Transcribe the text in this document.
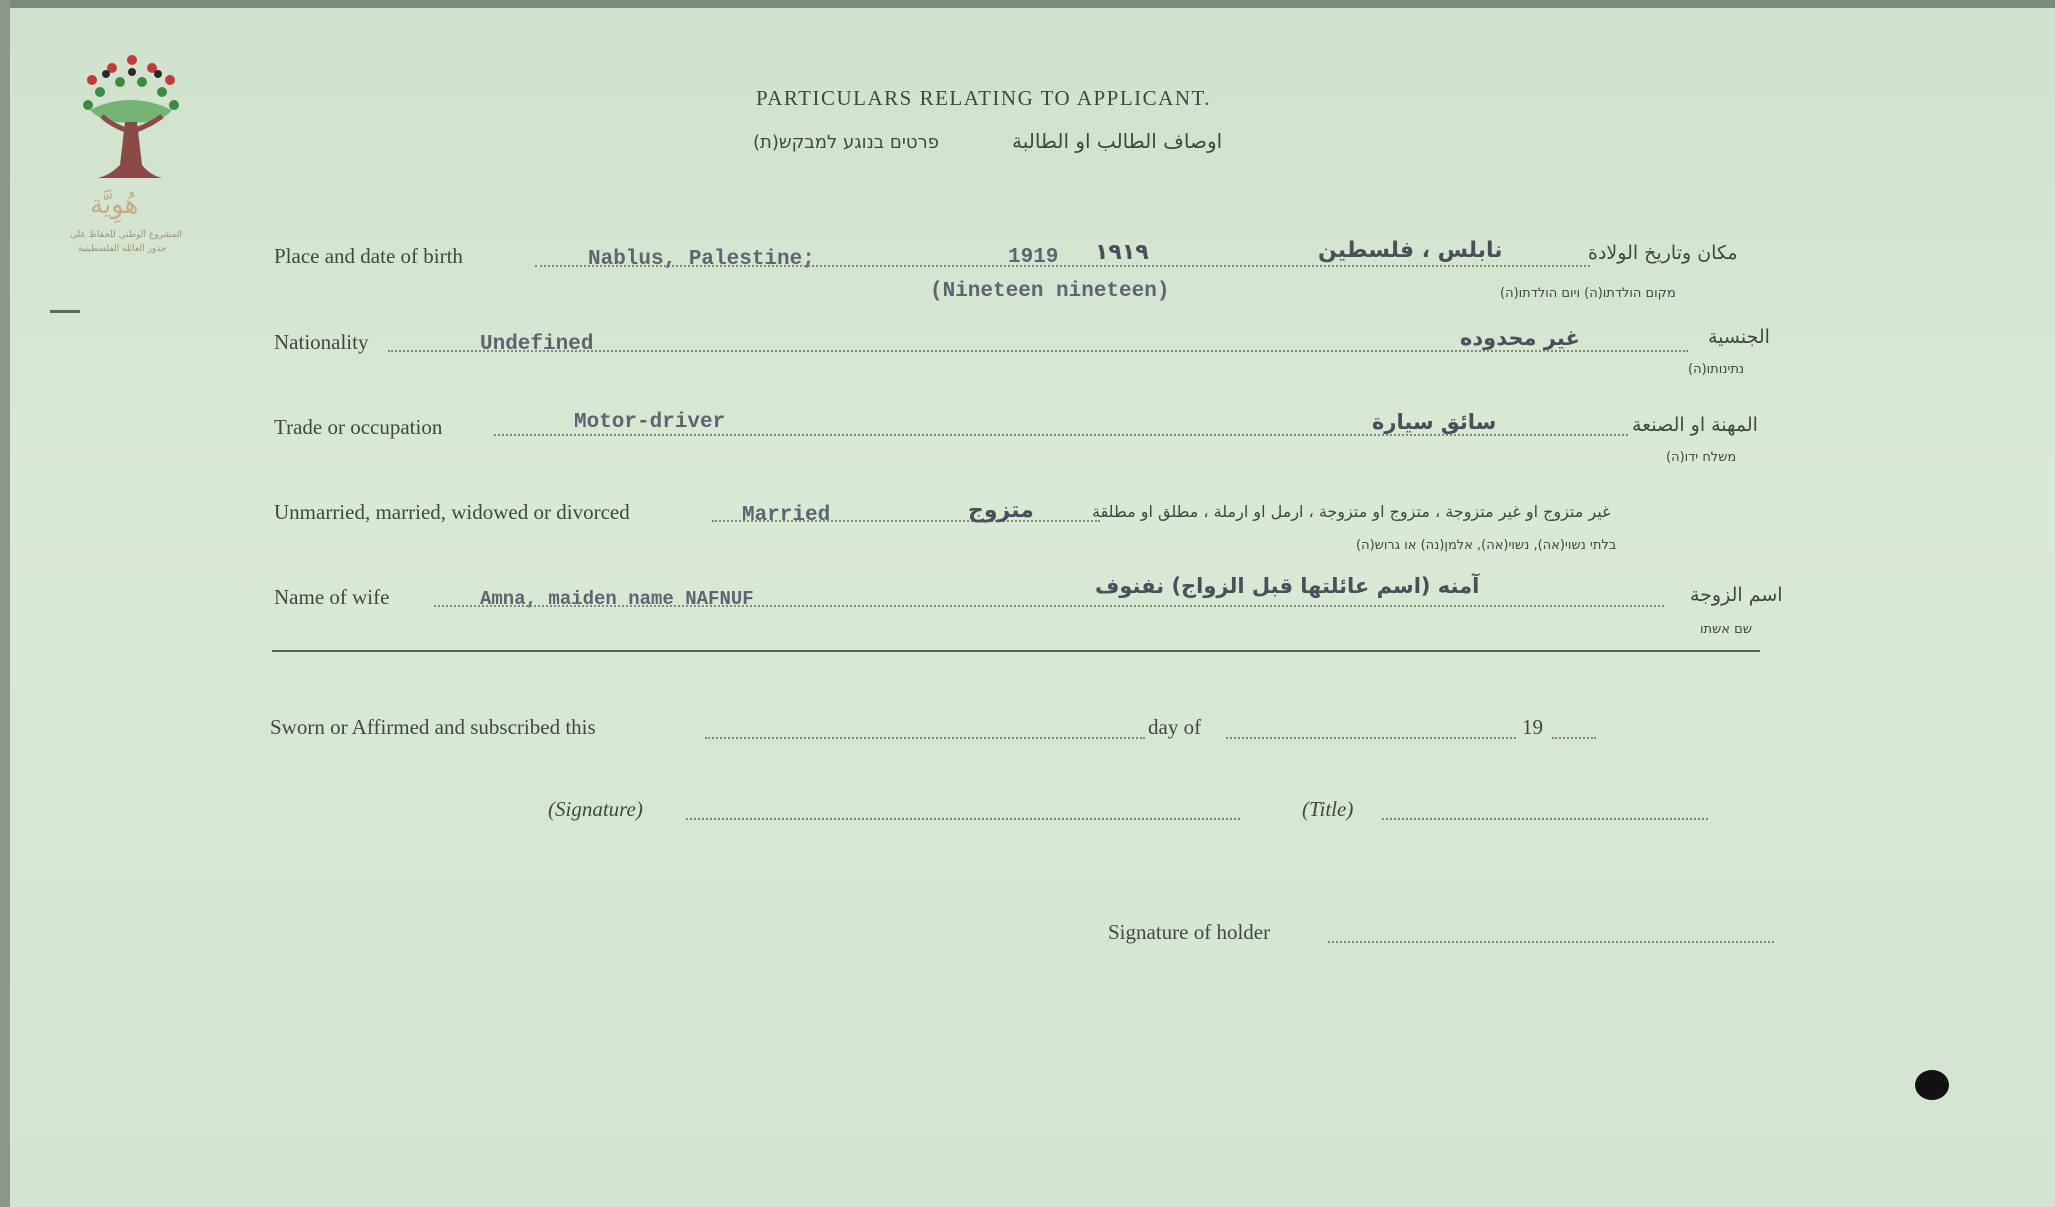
هُوِيَّة
المشروع الوطني للحفاظ على
جذور العائلة الفلسطينية
PARTICULARS RELATING TO APPLICANT.
פרטים בנוגע למבקש(ת)	اوصاف الطالب او الطالبة
Place and date of birth	Nablus, Palestine;	1919 ١٩١٩	نابلس ، فلسطين
(Nineteen nineteen)
مكان وتاريخ الولادة
מקום הולדתו(ה) ויום הולדתו(ה)
Nationality	Undefined	غير محدوده	الجنسية
נתינותו(ה)
Trade or occupation	Motor-driver	سائق سيارة	المهنة او الصنعة
משלח ידו(ה)
Unmarried, married, widowed or divorced	Married	متزوج	غير متزوج او غير متزوجة ، متزوج او متزوجة ، ارمل او ارملة ، مطلق او مطلقة
בלתי נשוי(אה), נשוי(אה), אלמן(נה) או גרוש(ה)
Name of wife	Amna, maiden name NAFNUF
آمنه (اسم عائلتها قبل الزواج) نفنوف	اسم الزوجة
שם אשתו
Sworn or Affirmed and subscribed this	day of	19
(Signature)	(Title)
Signature of holder
